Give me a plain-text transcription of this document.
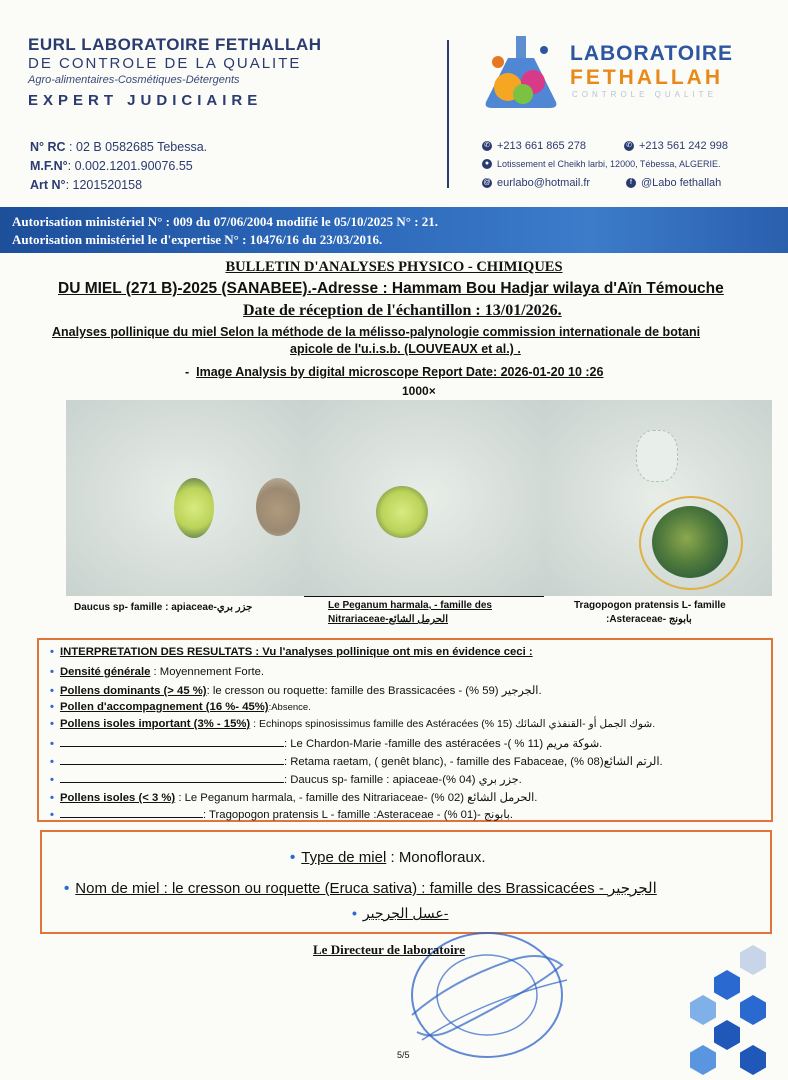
EURL LABORATOIRE FETHALLAH
DE CONTROLE DE LA QUALITE
Agro-alimentaires-Cosmétiques-Détergents
EXPERT JUDICIAIRE
N° RC : 02 B 0582685 Tebessa.
M.F.N°: 0.002.1201.90076.55
Art N°: 1201520158
LABORATOIRE
FETHALLAH
CONTROLE QUALITE
✆ +213 661 865 278	✆ +213 561 242 998
● Lotissement el Cheikh larbi, 12000, Tébessa, ALGERIE.
@ eurlabo@hotmail.fr	f @Labo fethallah
Autorisation ministériel N° : 009 du 07/06/2004 modifié le 05/10/2025 N° : 21.
Autorisation ministériel le d'expertise N° : 10476/16 du 23/03/2016.
BULLETIN D'ANALYSES PHYSICO - CHIMIQUES
DU MIEL (271 B)-2025 (SANABEE).-Adresse : Hammam Bou Hadjar wilaya d'Aïn Témouche
Date de réception de l'échantillon : 13/01/2026.
Analyses pollinique du miel Selon la méthode de la mélisso-palynologie commission internationale de botani
apicole de l'u.i.s.b. (LOUVEAUX et al.) .
- Image Analysis by digital microscope Report Date: 2026-01-20 10 :26
1000×
Daucus sp- famille : apiaceae-جزر بري	Le Peganum harmala, - famille des
Nitrariaceae-الحرمل الشائع
Tragopogon pratensis L- famille
:Asteraceae- بابونج
• INTERPRETATION DES RESULTATS : Vu l'analyses pollinique ont mis en évidence ceci :
• Densité générale : Moyennement Forte.
• Pollens dominants (> 45 %): le cresson ou roquette: famille des Brassicacées - الجرجير (59 %).
• Pollen d'accompagnement (16 %- 45%):Absence.
• Pollens isoles important (3% - 15%) : Echinops spinosissimus famille des Astéracées شوك الجمل أو -القنفذي الشائك (15 %).
•	: Le Chardon-Marie -famille des astéracées -شوكة مريم (11 % ).
•	: Retama raetam, ( genêt blanc), - famille des Fabaceae, الرتم الشائع(08 %).
•	: Daucus sp- famille : apiaceae-جزر بري (04 %).
• Pollens isoles (< 3 %) : Le Peganum harmala, - famille des Nitrariaceae- الحرمل الشائع (02 %).
•	: Tragopogon pratensis L - famille :Asteraceae - بابونج -(01 %).
• Type de miel : Monofloraux.
• Nom de miel : le cresson ou roquette (Eruca sativa) : famille des Brassicacées - الجرجير
• عسل الجرجير-
Le Directeur de laboratoire
5/5
